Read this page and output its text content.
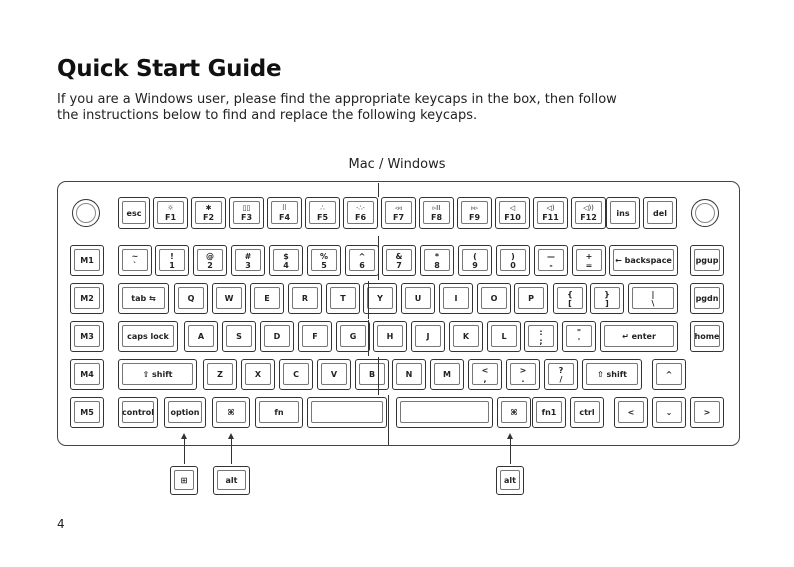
Quick Start Guide
If you are a Windows user, please find the appropriate keycaps in the box, then follow the instructions below to find and replace the following keycaps.
Mac / Windows
4
esc
☼
F1
✱
F2
▯▯
F3
⠿
F4
∴
F5
·∴·
F6
◃◃
F7
▹II
F8
▹▹
F9
◁
F10
◁)
F11
◁))
F12 ins	del
M1	~
`
!
1
@
2
#
3
$
4
%
5
^
6
&
7
*
8
(
9
)
0
—
-
+
=	← backspace	pgup
M2	tab ⇆	Q	W	E	R	T	Y	U	I	O	P	{
[
}
]
|
\	pgdn
M3	caps lock	A	S	D	F	G	H	J	K	L	:
;
"
'	↵ enter	home
M4	⇧ shift	Z	X	C	V	B	N	M	<
,
>
.
?
/	⇧ shift	^
M5	control option	⌘	fn	⌘	fn1	ctrl	<	⌄	>
⊞	alt	alt
